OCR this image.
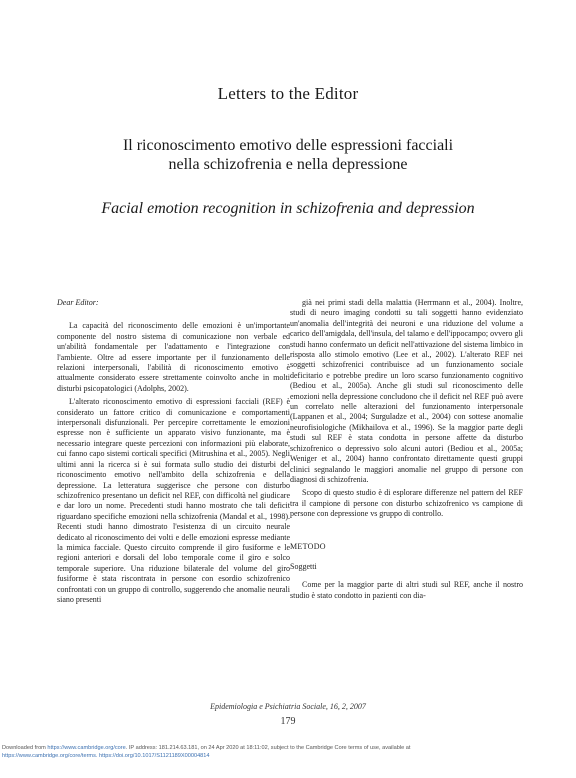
Letters to the Editor
Il riconoscimento emotivo delle espressioni facciali
nella schizofrenia e nella depressione
Facial emotion recognition in schizofrenia and depression

Dear Editor:

La capacità del riconoscimento delle emozioni è un'importante componente del nostro sistema di comunicazione non verbale ed un'abilità fondamentale per l'adattamento e l'integrazione con l'ambiente. Oltre ad essere importante per il funzionamento delle relazioni interpersonali, l'abilità di riconoscimento emotivo è attualmente considerato essere strettamente coinvolto anche in molti disturbi psicopatologici (Adolphs, 2002).

L'alterato riconoscimento emotivo di espressioni facciali (REF) è considerato un fattore critico di comunicazione e comportamenti interpersonali disfunzionali. Per percepire correttamente le emozioni espresse non è sufficiente un apparato visivo funzionante, ma è necessario integrare queste percezioni con informazioni più elaborate, cui fanno capo sistemi corticali specifici (Mitrushina et al., 2005). Negli ultimi anni la ricerca si è sui formata sullo studio dei disturbi del riconoscimento emotivo nell'ambito della schizofrenia e della depressione. La letteratura suggerisce che persone con disturbo schizofrenico presentano un deficit nel REF, con difficoltà nel giudicare e dar loro un nome. Precedenti studi hanno mostrato che tali deficit riguardano specifiche emozioni nella schizofrenia (Mandal et al., 1998). Recenti studi hanno dimostrato l'esistenza di un circuito neurale dedicato al riconoscimento dei volti e delle emozioni espresse mediante la mimica facciale. Questo circuito comprende il giro fusiforme e le regioni anteriori e dorsali del lobo temporale come il giro e solco temporale superiore. Una riduzione bilaterale del volume del giro fusiforme è stata riscontrata in persone con esordio schizofrenico confrontati con un gruppo di controllo, suggerendo che anomalie neurali siano presenti

già nei primi stadi della malattia (Herrmann et al., 2004). Inoltre, studi di neuro imaging condotti su tali soggetti hanno evidenziato un'anomalia dell'integrità dei neuroni e una riduzione del volume a carico dell'amigdala, dell'insula, del talamo e dell'ippocampo; ovvero gli studi hanno confermato un deficit nell'attivazione del sistema limbico in risposta allo stimolo emotivo (Lee et al., 2002). L'alterato REF nei soggetti schizofrenici contribuisce ad un funzionamento sociale deficitario e potrebbe predire un loro scarso funzionamento cognitivo (Bediou et al., 2005a). Anche gli studi sul riconoscimento delle emozioni nella depressione concludono che il deficit nel REF può avere un correlato nelle alterazioni del funzionamento interpersonale (Lappanen et al., 2004; Surguladze et al., 2004) con sottese anomalie neurofisiologiche (Mikhailova et al., 1996). Se la maggior parte degli studi sul REF è stata condotta in persone affette da disturbo schizofrenico o depressivo solo alcuni autori (Bediou et al., 2005a; Weniger et al., 2004) hanno confrontato direttamente questi gruppi clinici segnalando le maggiori anomalie nel gruppo di persone con diagnosi di schizofrenia.

Scopo di questo studio è di esplorare differenze nel pattern del REF tra il campione di persone con disturbo schizofrenico vs campione di persone con depressione vs gruppo di controllo.

METODO

Soggetti

Come per la maggior parte di altri studi sul REF, anche il nostro studio è stato condotto in pazienti con dia-

Epidemiologia e Psichiatria Sociale, 16, 2, 2007
179
Downloaded from https://www.cambridge.org/core. IP address: 181.214.63.181, on 24 Apr 2020 at 18:11:02, subject to the Cambridge Core terms of use, available at
https://www.cambridge.org/core/terms. https://doi.org/10.1017/S1121189X00004814
